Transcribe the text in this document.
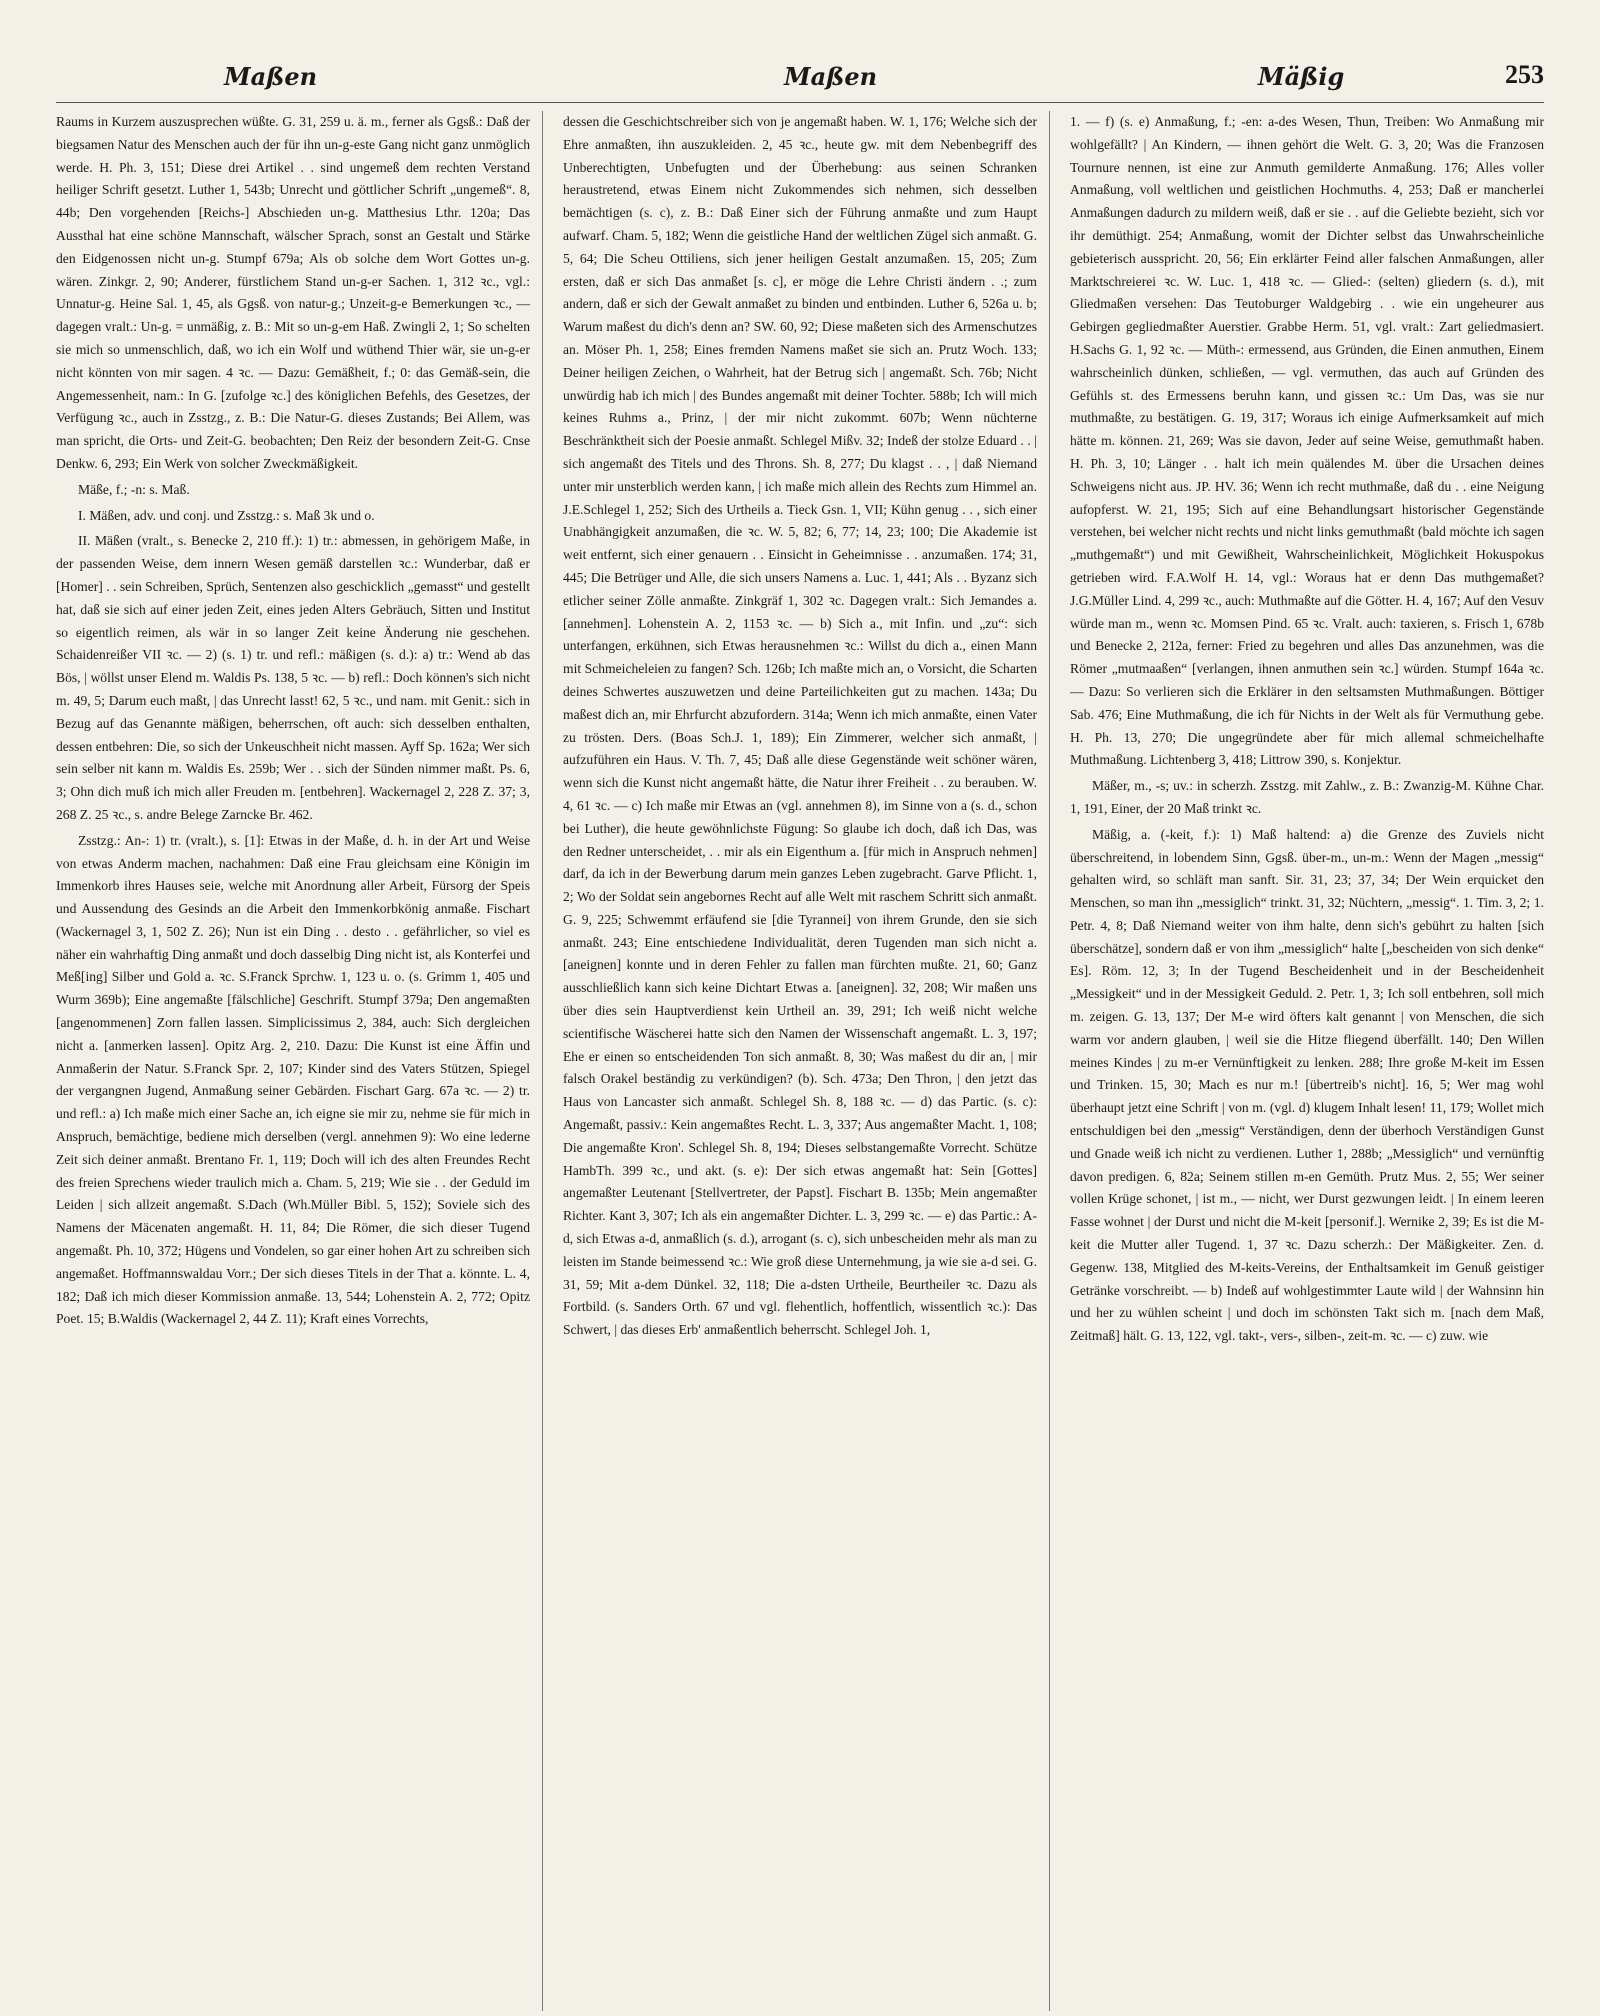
Maßen	Maßen	Mäßig	253

Raums in Kurzem auszusprechen wüßte. G. 31, 259 u. ä. m., ferner als Ggsß.: Daß der biegsamen Natur des Menschen auch der für ihn un-g-este Gang nicht ganz unmöglich werde. H. Ph. 3, 151; Diese drei Artikel . . sind ungemeß dem rechten Verstand heiliger Schrift gesetzt. Luther 1, 543b; Unrecht und göttlicher Schrift „ungemeß“. 8, 44b; Den vorgehenden [Reichs-] Abschieden un-g. Matthesius Lthr. 120a; Das Aussthal hat eine schöne Mannschaft, wälscher Sprach, sonst an Gestalt und Stärke den Eidgenossen nicht un-g. Stumpf 679a; Als ob solche dem Wort Gottes un-g. wären. Zinkgr. 2, 90; Anderer, fürstlichem Stand un-g-er Sachen. 1, 312 ꝛc., vgl.: Unnatur-g. Heine Sal. 1, 45, als Ggsß. von natur-g.; Unzeit-g-e Bemerkungen ꝛc., — dagegen vralt.: Un-g. = unmäßig, z. B.: Mit so un-g-em Haß. Zwingli 2, 1; So schelten sie mich so unmenschlich, daß, wo ich ein Wolf und wüthend Thier wär, sie un-g-er nicht könnten von mir sagen. 4 ꝛc. — Dazu: Gemäßheit, f.; 0: das Gemäß-sein, die Angemessenheit, nam.: In G. [zufolge ꝛc.] des königlichen Befehls, des Gesetzes, der Verfügung ꝛc., auch in Zsstzg., z. B.: Die Natur-G. dieses Zustands; Bei Allem, was man spricht, die Orts- und Zeit-G. beobachten; Den Reiz der besondern Zeit-G. Cnse Denkw. 6, 293; Ein Werk von solcher Zweckmäßigkeit.

Mäße, f.; -n: s. Maß.

I. Mäßen, adv. und conj. und Zsstzg.: s. Maß 3k und o.

II. Mäßen (vralt., s. Benecke 2, 210 ff.): 1) tr.: abmessen, in gehörigem Maße, in der passenden Weise, dem innern Wesen gemäß darstellen ꝛc.: Wunderbar, daß er [Homer] . . sein Schreiben, Sprüch, Sentenzen also geschicklich „gemasst“ und gestellt hat, daß sie sich auf einer jeden Zeit, eines jeden Alters Gebräuch, Sitten und Institut so eigentlich reimen, als wär in so langer Zeit keine Änderung nie geschehen. Schaidenreißer VII ꝛc. — 2) (s. 1) tr. und refl.: mäßigen (s. d.): a) tr.: Wend ab das Bös, | wöllst unser Elend m. Waldis Ps. 138, 5 ꝛc. — b) refl.: Doch können's sich nicht m. 49, 5; Darum euch maßt, | das Unrecht lasst! 62, 5 ꝛc., und nam. mit Genit.: sich in Bezug auf das Genannte mäßigen, beherrschen, oft auch: sich desselben enthalten, dessen entbehren: Die, so sich der Unkeuschheit nicht massen. Ayff Sp. 162a; Wer sich sein selber nit kann m. Waldis Es. 259b; Wer . . sich der Sünden nimmer maßt. Ps. 6, 3; Ohn dich muß ich mich aller Freuden m. [entbehren]. Wackernagel 2, 228 Z. 37; 3, 268 Z. 25 ꝛc., s. andre Belege Zarncke Br. 462.

Zsstzg.: An-: 1) tr. (vralt.), s. [1]: Etwas in der Maße, d. h. in der Art und Weise von etwas Anderm machen, nachahmen: Daß eine Frau gleichsam eine Königin im Immenkorb ihres Hauses seie, welche mit Anordnung aller Arbeit, Fürsorg der Speis und Aussendung des Gesinds an die Arbeit den Immenkorbkönig anmaße. Fischart (Wackernagel 3, 1, 502 Z. 26); Nun ist ein Ding . . desto . . gefährlicher, so viel es näher ein wahrhaftig Ding anmaßt und doch dasselbig Ding nicht ist, als Konterfei und Meß[ing] Silber und Gold a. ꝛc. S.Franck Sprchw. 1, 123 u. o. (s. Grimm 1, 405 und Wurm 369b); Eine angemaßte [fälschliche] Geschrift. Stumpf 379a; Den angemaßten [angenommenen] Zorn fallen lassen. Simplicissimus 2, 384, auch: Sich dergleichen nicht a. [anmerken lassen]. Opitz Arg. 2, 210. Dazu: Die Kunst ist eine Äffin und Anmaßerin der Natur. S.Franck Spr. 2, 107; Kinder sind des Vaters Stützen, Spiegel der vergangnen Jugend, Anmaßung seiner Gebärden. Fischart Garg. 67a ꝛc. — 2) tr. und refl.: a) Ich maße mich einer Sache an, ich eigne sie mir zu, nehme sie für mich in Anspruch, bemächtige, bediene mich derselben (vergl. annehmen 9): Wo eine lederne Zeit sich deiner anmaßt. Brentano Fr. 1, 119; Doch will ich des alten Freundes Recht des freien Sprechens wieder traulich mich a. Cham. 5, 219; Wie sie . . der Geduld im Leiden | sich allzeit angemaßt. S.Dach (Wh.Müller Bibl. 5, 152); Soviele sich des Namens der Mäcenaten angemaßt. H. 11, 84; Die Römer, die sich dieser Tugend angemaßt. Ph. 10, 372; Hügens und Vondelen, so gar einer hohen Art zu schreiben sich angemaßet. Hoffmannswaldau Vorr.; Der sich dieses Titels in der That a. könnte. L. 4, 182; Daß ich mich dieser Kommission anmaße. 13, 544; Lohenstein A. 2, 772; Opitz Poet. 15; B.Waldis (Wackernagel 2, 44 Z. 11); Kraft eines Vorrechts,

dessen die Geschichtschreiber sich von je angemaßt haben. W. 1, 176; Welche sich der Ehre anmaßten, ihn auszukleiden. 2, 45 ꝛc., heute gw. mit dem Nebenbegriff des Unberechtigten, Unbefugten und der Überhebung: aus seinen Schranken heraustretend, etwas Einem nicht Zukommendes sich nehmen, sich desselben bemächtigen (s. c), z. B.: Daß Einer sich der Führung anmaßte und zum Haupt aufwarf. Cham. 5, 182; Wenn die geistliche Hand der weltlichen Zügel sich anmaßt. G. 5, 64; Die Scheu Ottiliens, sich jener heiligen Gestalt anzumaßen. 15, 205; Zum ersten, daß er sich Das anmaßet [s. c], er möge die Lehre Christi ändern . .; zum andern, daß er sich der Gewalt anmaßet zu binden und entbinden. Luther 6, 526a u. b; Warum maßest du dich's denn an? SW. 60, 92; Diese maßeten sich des Armenschutzes an. Möser Ph. 1, 258; Eines fremden Namens maßet sie sich an. Prutz Woch. 133; Deiner heiligen Zeichen, o Wahrheit, hat der Betrug sich | angemaßt. Sch. 76b; Nicht unwürdig hab ich mich | des Bundes angemaßt mit deiner Tochter. 588b; Ich will mich keines Ruhms a., Prinz, | der mir nicht zukommt. 607b; Wenn nüchterne Beschränktheit sich der Poesie anmaßt. Schlegel Mißv. 32; Indeß der stolze Eduard . . | sich angemaßt des Titels und des Throns. Sh. 8, 277; Du klagst . . , | daß Niemand unter mir unsterblich werden kann, | ich maße mich allein des Rechts zum Himmel an. J.E.Schlegel 1, 252; Sich des Urtheils a. Tieck Gsn. 1, VII; Kühn genug . . , sich einer Unabhängigkeit anzumaßen, die ꝛc. W. 5, 82; 6, 77; 14, 23; 100; Die Akademie ist weit entfernt, sich einer genauern . . Einsicht in Geheimnisse . . anzumaßen. 174; 31, 445; Die Betrüger und Alle, die sich unsers Namens a. Luc. 1, 441; Als . . Byzanz sich etlicher seiner Zölle anmaßte. Zinkgräf 1, 302 ꝛc. Dagegen vralt.: Sich Jemandes a. [annehmen]. Lohenstein A. 2, 1153 ꝛc. — b) Sich a., mit Infin. und „zu“: sich unterfangen, erkühnen, sich Etwas herausnehmen ꝛc.: Willst du dich a., einen Mann mit Schmeicheleien zu fangen? Sch. 126b; Ich maßte mich an, o Vorsicht, die Scharten deines Schwertes auszuwetzen und deine Parteilichkeiten gut zu machen. 143a; Du maßest dich an, mir Ehrfurcht abzufordern. 314a; Wenn ich mich anmaßte, einen Vater zu trösten. Ders. (Boas Sch.J. 1, 189); Ein Zimmerer, welcher sich anmaßt, | aufzuführen ein Haus. V. Th. 7, 45; Daß alle diese Gegenstände weit schöner wären, wenn sich die Kunst nicht angemaßt hätte, die Natur ihrer Freiheit . . zu berauben. W. 4, 61 ꝛc. — c) Ich maße mir Etwas an (vgl. annehmen 8), im Sinne von a (s. d., schon bei Luther), die heute gewöhnlichste Fügung: So glaube ich doch, daß ich Das, was den Redner unterscheidet, . . mir als ein Eigenthum a. [für mich in Anspruch nehmen] darf, da ich in der Bewerbung darum mein ganzes Leben zugebracht. Garve Pflicht. 1, 2; Wo der Soldat sein angebornes Recht auf alle Welt mit raschem Schritt sich anmaßt. G. 9, 225; Schwemmt erfäufend sie [die Tyrannei] von ihrem Grunde, den sie sich anmaßt. 243; Eine entschiedene Individualität, deren Tugenden man sich nicht a. [aneignen] konnte und in deren Fehler zu fallen man fürchten mußte. 21, 60; Ganz ausschließlich kann sich keine Dichtart Etwas a. [aneignen]. 32, 208; Wir maßen uns über dies sein Hauptverdienst kein Urtheil an. 39, 291; Ich weiß nicht welche scientifische Wäscherei hatte sich den Namen der Wissenschaft angemaßt. L. 3, 197; Ehe er einen so entscheidenden Ton sich anmaßt. 8, 30; Was maßest du dir an, | mir falsch Orakel beständig zu verkündigen? (b). Sch. 473a; Den Thron, | den jetzt das Haus von Lancaster sich anmaßt. Schlegel Sh. 8, 188 ꝛc. — d) das Partic. (s. c): Angemaßt, passiv.: Kein angemaßtes Recht. L. 3, 337; Aus angemaßter Macht. 1, 108; Die angemaßte Kron'. Schlegel Sh. 8, 194; Dieses selbstangemaßte Vorrecht. Schütze HambTh. 399 ꝛc., und akt. (s. e): Der sich etwas angemaßt hat: Sein [Gottes] angemaßter Leutenant [Stellvertreter, der Papst]. Fischart B. 135b; Mein angemaßter Richter. Kant 3, 307; Ich als ein angemaßter Dichter. L. 3, 299 ꝛc. — e) das Partic.: A-d, sich Etwas a-d, anmaßlich (s. d.), arrogant (s. c), sich unbescheiden mehr als man zu leisten im Stande beimessend ꝛc.: Wie groß diese Unternehmung, ja wie sie a-d sei. G. 31, 59; Mit a-dem Dünkel. 32, 118; Die a-dsten Urtheile, Beurtheiler ꝛc. Dazu als Fortbild. (s. Sanders Orth. 67 und vgl. flehentlich, hoffentlich, wissentlich ꝛc.): Das Schwert, | das dieses Erb' anmaßentlich beherrscht. Schlegel Joh. 1,

1. — f) (s. e) Anmaßung, f.; -en: a-des Wesen, Thun, Treiben: Wo Anmaßung mir wohlgefällt? | An Kindern, — ihnen gehört die Welt. G. 3, 20; Was die Franzosen Tournure nennen, ist eine zur Anmuth gemilderte Anmaßung. 176; Alles voller Anmaßung, voll weltlichen und geistlichen Hochmuths. 4, 253; Daß er mancherlei Anmaßungen dadurch zu mildern weiß, daß er sie . . auf die Geliebte bezieht, sich vor ihr demüthigt. 254; Anmaßung, womit der Dichter selbst das Unwahrscheinliche gebieterisch ausspricht. 20, 56; Ein erklärter Feind aller falschen Anmaßungen, aller Marktschreierei ꝛc. W. Luc. 1, 418 ꝛc. — Glied-: (selten) gliedern (s. d.), mit Gliedmaßen versehen: Das Teutoburger Waldgebirg . . wie ein ungeheurer aus Gebirgen gegliedmaßter Auerstier. Grabbe Herm. 51, vgl. vralt.: Zart geliedmasiert. H.Sachs G. 1, 92 ꝛc. — Müth-: ermessend, aus Gründen, die Einen anmuthen, Einem wahrscheinlich dünken, schließen, — vgl. vermuthen, das auch auf Gründen des Gefühls st. des Ermessens beruhn kann, und gissen ꝛc.: Um Das, was sie nur muthmaßte, zu bestätigen. G. 19, 317; Woraus ich einige Aufmerksamkeit auf mich hätte m. können. 21, 269; Was sie davon, Jeder auf seine Weise, gemuthmaßt haben. H. Ph. 3, 10; Länger . . halt ich mein quälendes M. über die Ursachen deines Schweigens nicht aus. JP. HV. 36; Wenn ich recht muthmaße, daß du . . eine Neigung aufopferst. W. 21, 195; Sich auf eine Behandlungsart historischer Gegenstände verstehen, bei welcher nicht rechts und nicht links gemuthmaßt (bald möchte ich sagen „muthgemaßt“) und mit Gewißheit, Wahrscheinlichkeit, Möglichkeit Hokuspokus getrieben wird. F.A.Wolf H. 14, vgl.: Woraus hat er denn Das muthgemaßet? J.G.Müller Lind. 4, 299 ꝛc., auch: Muthmaßte auf die Götter. H. 4, 167; Auf den Vesuv würde man m., wenn ꝛc. Momsen Pind. 65 ꝛc. Vralt. auch: taxieren, s. Frisch 1, 678b und Benecke 2, 212a, ferner: Fried zu begehren und alles Das anzunehmen, was die Römer „mutmaaßen“ [verlangen, ihnen anmuthen sein ꝛc.] würden. Stumpf 164a ꝛc. — Dazu: So verlieren sich die Erklärer in den seltsamsten Muthmaßungen. Böttiger Sab. 476; Eine Muthmaßung, die ich für Nichts in der Welt als für Vermuthung gebe. H. Ph. 13, 270; Die ungegründete aber für mich allemal schmeichelhafte Muthmaßung. Lichtenberg 3, 418; Littrow 390, s. Konjektur.

Mäßer, m., -s; uv.: in scherzh. Zsstzg. mit Zahlw., z. B.: Zwanzig-M. Kühne Char. 1, 191, Einer, der 20 Maß trinkt ꝛc.

Mäßig, a. (-keit, f.): 1) Maß haltend: a) die Grenze des Zuviels nicht überschreitend, in lobendem Sinn, Ggsß. über-m., un-m.: Wenn der Magen „messig“ gehalten wird, so schläft man sanft. Sir. 31, 23; 37, 34; Der Wein erquicket den Menschen, so man ihn „messiglich“ trinkt. 31, 32; Nüchtern, „messig“. 1. Tim. 3, 2; 1. Petr. 4, 8; Daß Niemand weiter von ihm halte, denn sich's gebührt zu halten [sich überschätze], sondern daß er von ihm „messiglich“ halte [„bescheiden von sich denke“ Es]. Röm. 12, 3; In der Tugend Bescheidenheit und in der Bescheidenheit „Messigkeit“ und in der Messigkeit Geduld. 2. Petr. 1, 3; Ich soll entbehren, soll mich m. zeigen. G. 13, 137; Der M-e wird öfters kalt genannt | von Menschen, die sich warm vor andern glauben, | weil sie die Hitze fliegend überfällt. 140; Den Willen meines Kindes | zu m-er Vernünftigkeit zu lenken. 288; Ihre große M-keit im Essen und Trinken. 15, 30; Mach es nur m.! [übertreib's nicht]. 16, 5; Wer mag wohl überhaupt jetzt eine Schrift | von m. (vgl. d) klugem Inhalt lesen! 11, 179; Wollet mich entschuldigen bei den „messig“ Verständigen, denn der überhoch Verständigen Gunst und Gnade weiß ich nicht zu verdienen. Luther 1, 288b; „Messiglich“ und vernünftig davon predigen. 6, 82a; Seinem stillen m-en Gemüth. Prutz Mus. 2, 55; Wer seiner vollen Krüge schonet, | ist m., — nicht, wer Durst gezwungen leidt. | In einem leeren Fasse wohnet | der Durst und nicht die M-keit [personif.]. Wernike 2, 39; Es ist die M-keit die Mutter aller Tugend. 1, 37 ꝛc. Dazu scherzh.: Der Mäßigkeiter. Zen. d. Gegenw. 138, Mitglied des M-keits-Vereins, der Enthaltsamkeit im Genuß geistiger Getränke vorschreibt. — b) Indeß auf wohlgestimmter Laute wild | der Wahnsinn hin und her zu wühlen scheint | und doch im schönsten Takt sich m. [nach dem Maß, Zeitmaß] hält. G. 13, 122, vgl. takt-, vers-, silben-, zeit-m. ꝛc. — c) zuw. wie
